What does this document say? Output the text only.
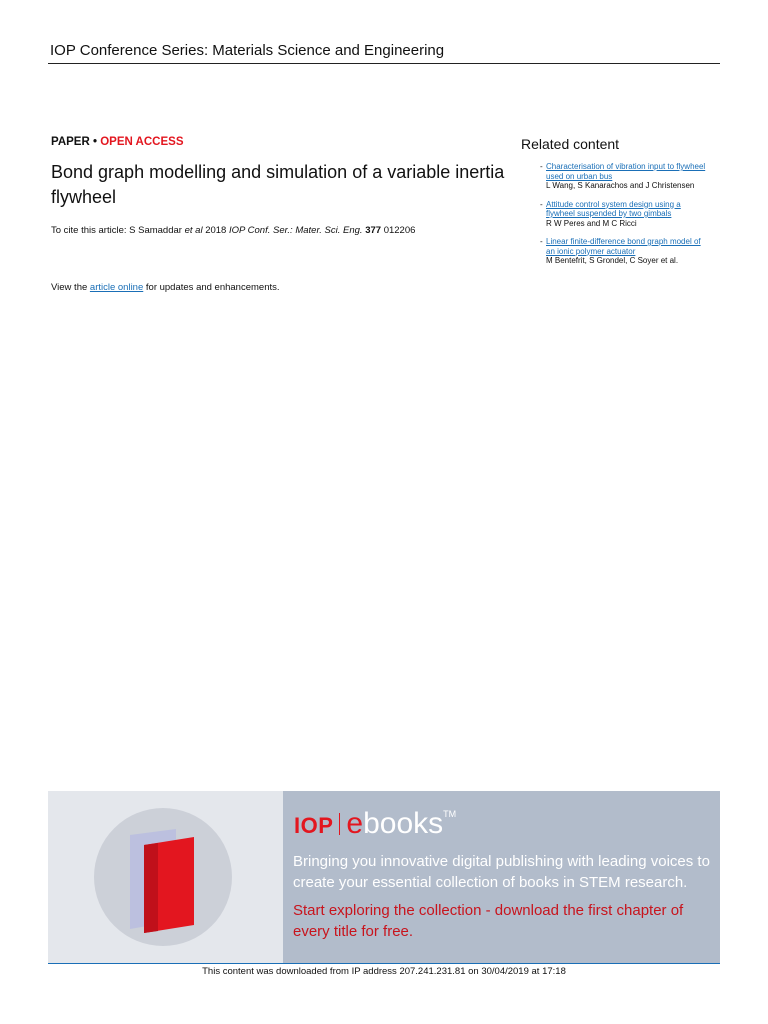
IOP Conference Series: Materials Science and Engineering
PAPER • OPEN ACCESS
Bond graph modelling and simulation of a variable inertia flywheel
To cite this article: S Samaddar et al 2018 IOP Conf. Ser.: Mater. Sci. Eng. 377 012206
View the article online for updates and enhancements.
Related content
- Characterisation of vibration input to flywheel used on urban bus
L Wang, S Kanarachos and J Christensen
- Attitude control system design using a flywheel suspended by two gimbals
R W Peres and M C Ricci
- Linear finite-difference bond graph model of an ionic polymer actuator
M Bentefrit, S Grondel, C Soyer et al.
IOP ebooks™
Bringing you innovative digital publishing with leading voices to create your essential collection of books in STEM research.
Start exploring the collection - download the first chapter of every title for free.
This content was downloaded from IP address 207.241.231.81 on 30/04/2019 at 17:18
